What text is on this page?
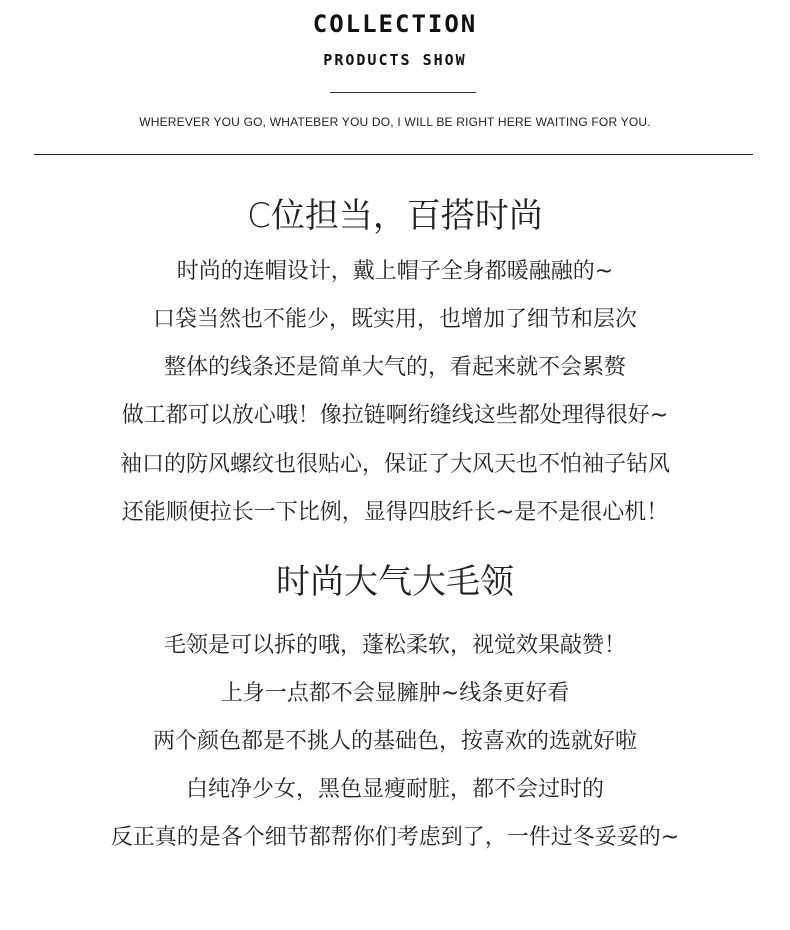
COLLECTION
PRODUCTS SHOW
WHEREVER YOU GO, WHATEBER YOU DO, I WILL BE RIGHT HERE WAITING FOR YOU.
C位担当，百搭时尚
时尚的连帽设计，戴上帽子全身都暖融融的~
口袋当然也不能少，既实用，也增加了细节和层次
整体的线条还是简单大气的，看起来就不会累赘
做工都可以放心哦！像拉链啊绗缝线这些都处理得很好~
袖口的防风螺纹也很贴心，保证了大风天也不怕袖子钻风
还能顺便拉长一下比例，显得四肢纤长~是不是很心机！
时尚大气大毛领
毛领是可以拆的哦，蓬松柔软，视觉效果敲赞！
上身一点都不会显臃肿~线条更好看
两个颜色都是不挑人的基础色，按喜欢的选就好啦
白纯净少女，黑色显瘦耐脏，都不会过时的
反正真的是各个细节都帮你们考虑到了，一件过冬妥妥的~
